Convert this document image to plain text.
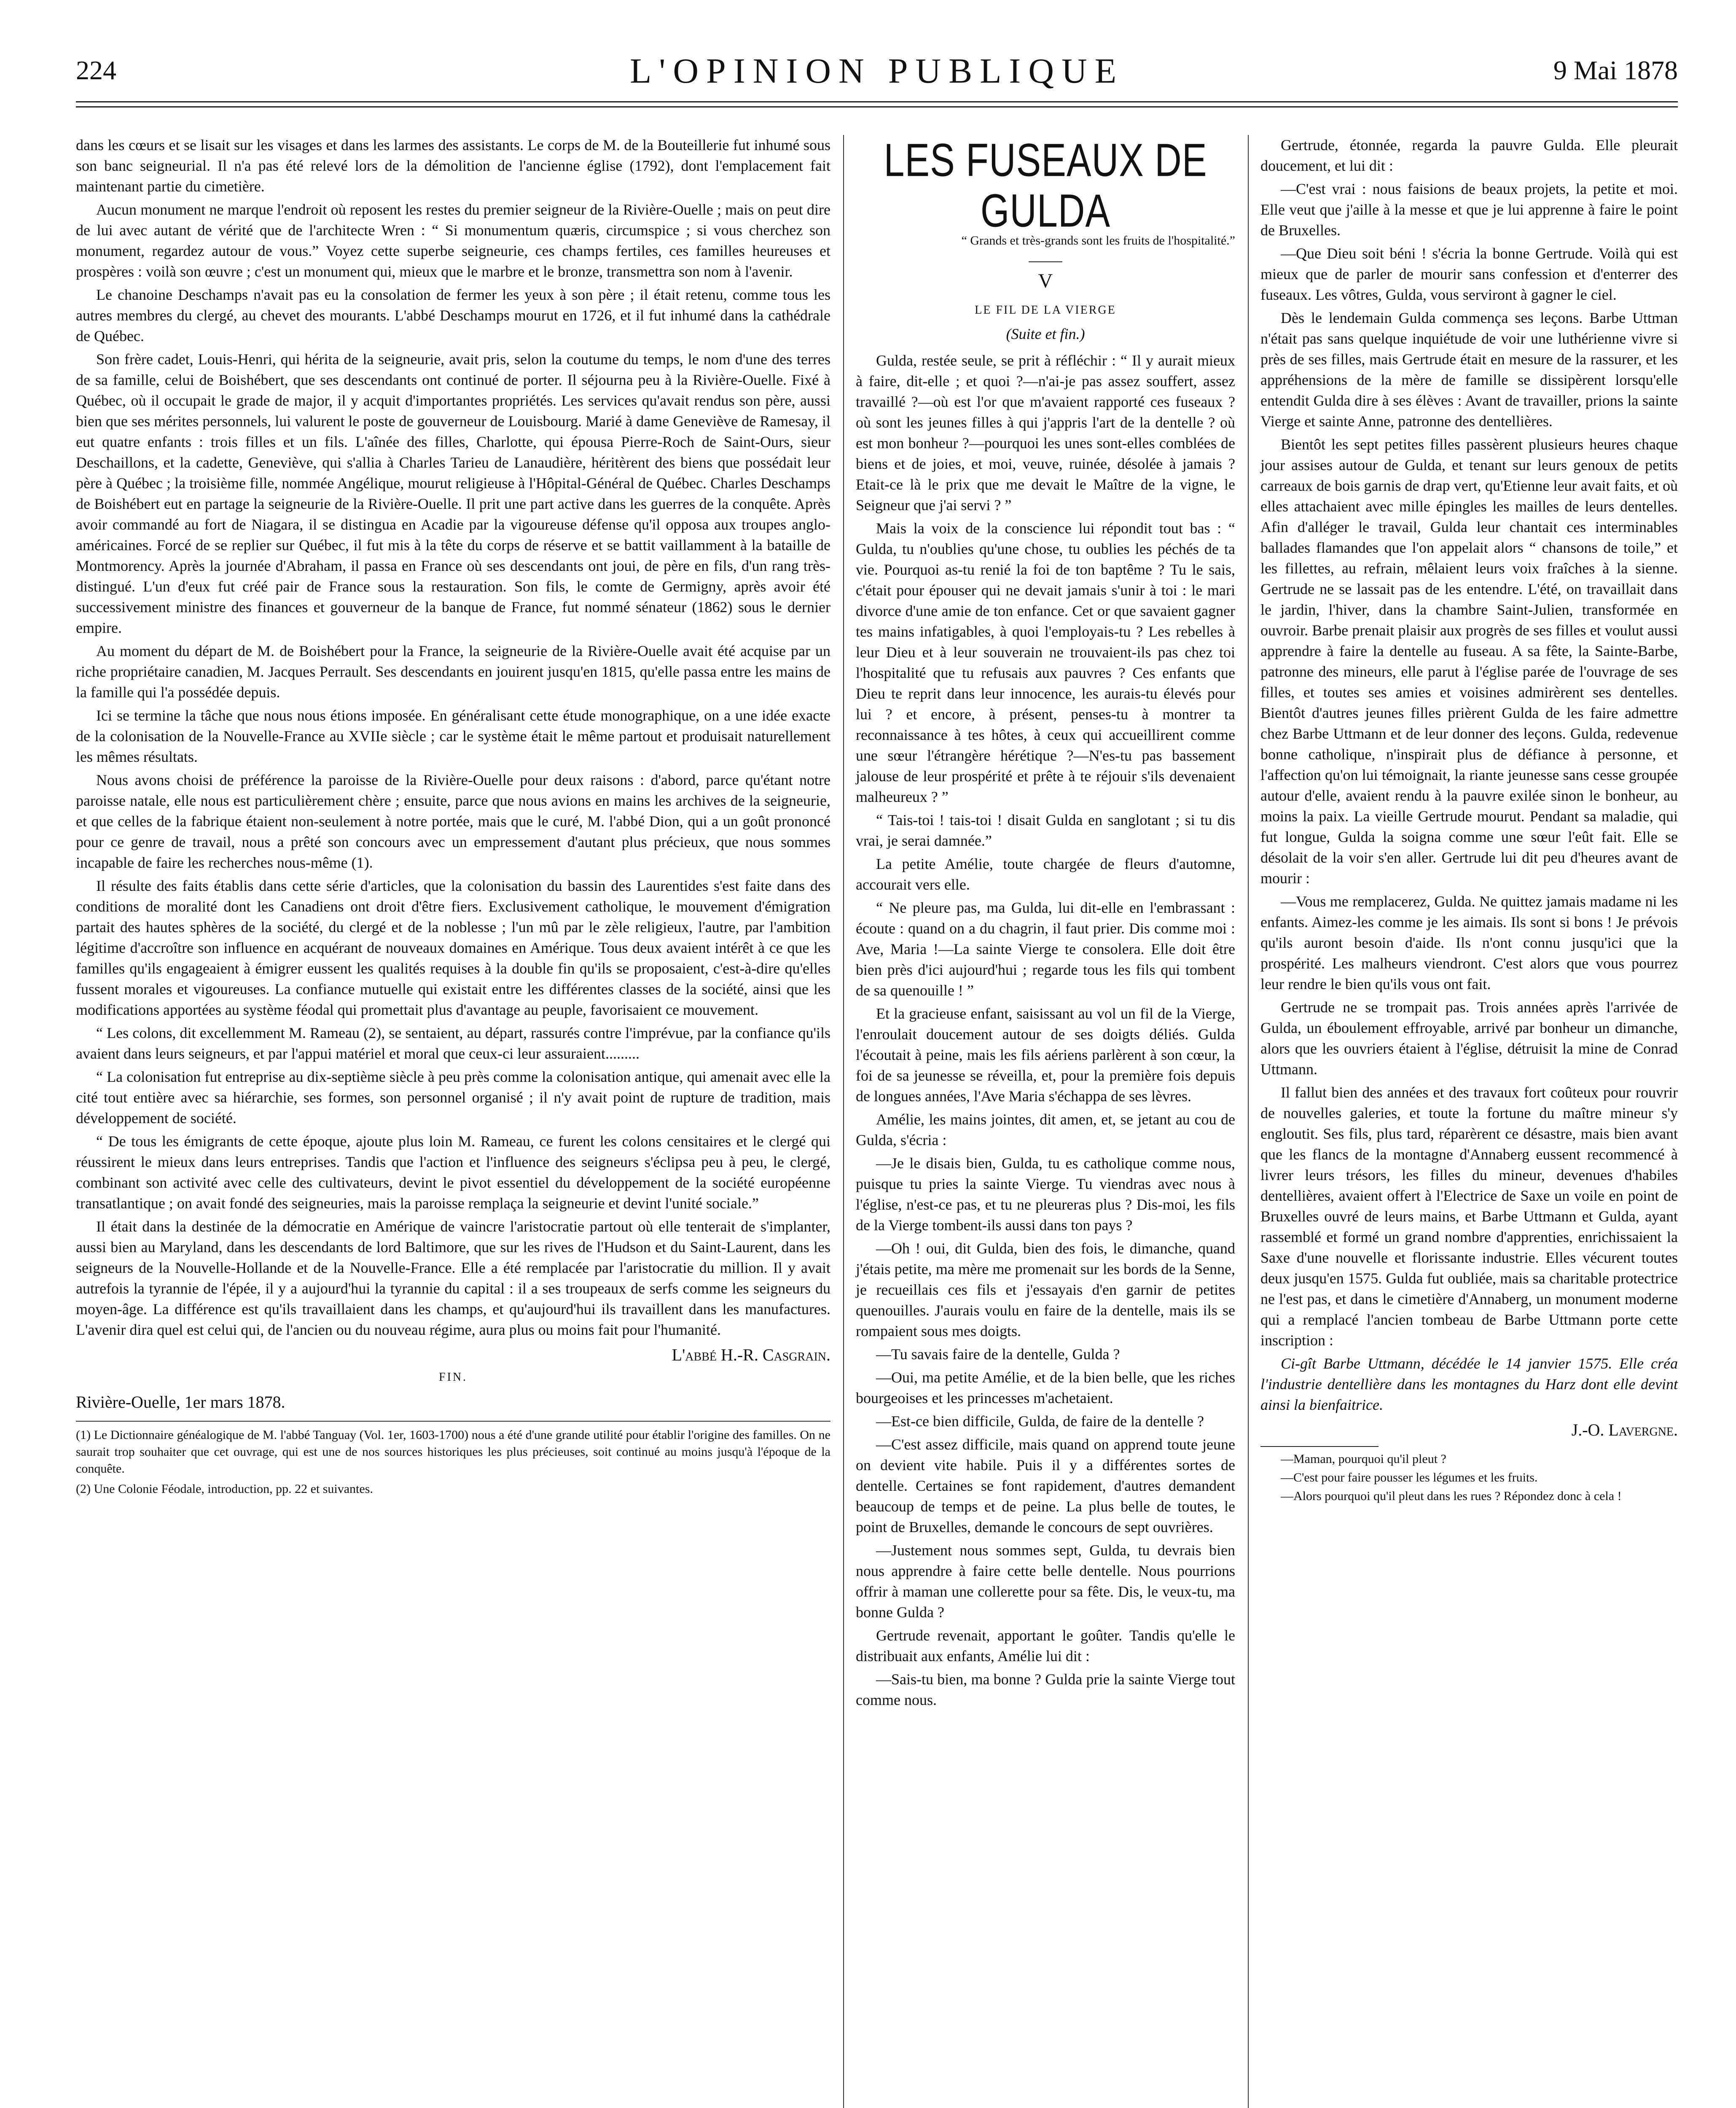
224	L'OPINION PUBLIQUE	9 Mai 1878

dans les cœurs et se lisait sur les visages et dans les larmes des assistants. Le corps de M. de la Bouteillerie fut inhumé sous son banc seigneurial. Il n'a pas été relevé lors de la démolition de l'ancienne église (1792), dont l'emplacement fait maintenant partie du cimetière.

Aucun monument ne marque l'endroit où reposent les restes du premier seigneur de la Rivière-Ouelle ; mais on peut dire de lui avec autant de vérité que de l'architecte Wren : “ Si monumentum quæris, circumspice ; si vous cherchez son monument, regardez autour de vous.” Voyez cette superbe seigneurie, ces champs fertiles, ces familles heureuses et prospères : voilà son œuvre ; c'est un monument qui, mieux que le marbre et le bronze, transmettra son nom à l'avenir.

Le chanoine Deschamps n'avait pas eu la consolation de fermer les yeux à son père ; il était retenu, comme tous les autres membres du clergé, au chevet des mourants. L'abbé Deschamps mourut en 1726, et il fut inhumé dans la cathédrale de Québec.

Son frère cadet, Louis-Henri, qui hérita de la seigneurie, avait pris, selon la coutume du temps, le nom d'une des terres de sa famille, celui de Boishébert, que ses descendants ont continué de porter. Il séjourna peu à la Rivière-Ouelle. Fixé à Québec, où il occupait le grade de major, il y acquit d'importantes propriétés. Les services qu'avait rendus son père, aussi bien que ses mérites personnels, lui valurent le poste de gouverneur de Louisbourg. Marié à dame Geneviève de Ramesay, il eut quatre enfants : trois filles et un fils. L'aînée des filles, Charlotte, qui épousa Pierre-Roch de Saint-Ours, sieur Deschaillons, et la cadette, Geneviève, qui s'allia à Charles Tarieu de Lanaudière, héritèrent des biens que possédait leur père à Québec ; la troisième fille, nommée Angélique, mourut religieuse à l'Hôpital-Général de Québec. Charles Deschamps de Boishébert eut en partage la seigneurie de la Rivière-Ouelle. Il prit une part active dans les guerres de la conquête. Après avoir commandé au fort de Niagara, il se distingua en Acadie par la vigoureuse défense qu'il opposa aux troupes anglo-américaines. Forcé de se replier sur Québec, il fut mis à la tête du corps de réserve et se battit vaillamment à la bataille de Montmorency. Après la journée d'Abraham, il passa en France où ses descendants ont joui, de père en fils, d'un rang très-distingué. L'un d'eux fut créé pair de France sous la restauration. Son fils, le comte de Germigny, après avoir été successivement ministre des finances et gouverneur de la banque de France, fut nommé sénateur (1862) sous le dernier empire.

Au moment du départ de M. de Boishébert pour la France, la seigneurie de la Rivière-Ouelle avait été acquise par un riche propriétaire canadien, M. Jacques Perrault. Ses descendants en jouirent jusqu'en 1815, qu'elle passa entre les mains de la famille qui l'a possédée depuis.

Ici se termine la tâche que nous nous étions imposée. En généralisant cette étude monographique, on a une idée exacte de la colonisation de la Nouvelle-France au XVIIe siècle ; car le système était le même partout et produisait naturellement les mêmes résultats.

Nous avons choisi de préférence la paroisse de la Rivière-Ouelle pour deux raisons : d'abord, parce qu'étant notre paroisse natale, elle nous est particulièrement chère ; ensuite, parce que nous avions en mains les archives de la seigneurie, et que celles de la fabrique étaient non-seulement à notre portée, mais que le curé, M. l'abbé Dion, qui a un goût prononcé pour ce genre de travail, nous a prêté son concours avec un empressement d'autant plus précieux, que nous sommes incapable de faire les recherches nous-même (1).

Il résulte des faits établis dans cette série d'articles, que la colonisation du bassin des Laurentides s'est faite dans des conditions de moralité dont les Canadiens ont droit d'être fiers. Exclusivement catholique, le mouvement d'émigration partait des hautes sphères de la société, du clergé et de la noblesse ; l'un mû par le zèle religieux, l'autre, par l'ambition légitime d'accroître son influence en acquérant de nouveaux domaines en Amérique. Tous deux avaient intérêt à ce que les familles qu'ils engageaient à émigrer eussent les qualités requises à la double fin qu'ils se proposaient, c'est-à-dire qu'elles fussent morales et vigoureuses. La confiance mutuelle qui existait entre les différentes classes de la société, ainsi que les modifications apportées au système féodal qui promettait plus d'avantage au peuple, favorisaient ce mouvement.

“ Les colons, dit excellemment M. Rameau (2), se sentaient, au départ, rassurés contre l'imprévue, par la confiance qu'ils avaient dans leurs seigneurs, et par l'appui matériel et moral que ceux-ci leur assuraient.........

“ La colonisation fut entreprise au dix-septième siècle à peu près comme la colonisation antique, qui amenait avec elle la cité tout entière avec sa hiérarchie, ses formes, son personnel organisé ; il n'y avait point de rupture de tradition, mais développement de société.

“ De tous les émigrants de cette époque, ajoute plus loin M. Rameau, ce furent les colons censitaires et le clergé qui réussirent le mieux dans leurs entreprises. Tandis que l'action et l'influence des seigneurs s'éclipsa peu à peu, le clergé, combinant son activité avec celle des cultivateurs, devint le pivot essentiel du développement de la société européenne transatlantique ; on avait fondé des seigneuries, mais la paroisse remplaça la seigneurie et devint l'unité sociale.”

Il était dans la destinée de la démocratie en Amérique de vaincre l'aristocratie partout où elle tenterait de s'implanter, aussi bien au Maryland, dans les descendants de lord Baltimore, que sur les rives de l'Hudson et du Saint-Laurent, dans les seigneurs de la Nouvelle-Hollande et de la Nouvelle-France. Elle a été remplacée par l'aristocratie du million. Il y avait autrefois la tyrannie de l'épée, il y a aujourd'hui la tyrannie du capital : il a ses troupeaux de serfs comme les seigneurs du moyen-âge. La différence est qu'ils travaillaient dans les champs, et qu'aujourd'hui ils travaillent dans les manufactures. L'avenir dira quel est celui qui, de l'ancien ou du nouveau régime, aura plus ou moins fait pour l'humanité.

L'abbé H.-R. Casgrain.
FIN.
Rivière-Ouelle, 1er mars 1878.

(1) Le Dictionnaire généalogique de M. l'abbé Tanguay (Vol. 1er, 1603-1700) nous a été d'une grande utilité pour établir l'origine des familles. On ne saurait trop souhaiter que cet ouvrage, qui est une de nos sources historiques les plus précieuses, soit continué au moins jusqu'à l'époque de la conquête.

(2) Une Colonie Féodale, introduction, pp. 22 et suivantes.

LES FUSEAUX DE GULDA
“ Grands et très-grands sont les fruits de l'hospitalité.”
V
LE FIL DE LA VIERGE
(Suite et fin.)

Gulda, restée seule, se prit à réfléchir : “ Il y aurait mieux à faire, dit-elle ; et quoi ?—n'ai-je pas assez souffert, assez travaillé ?—où est l'or que m'avaient rapporté ces fuseaux ? où sont les jeunes filles à qui j'appris l'art de la dentelle ? où est mon bonheur ?—pourquoi les unes sont-elles comblées de biens et de joies, et moi, veuve, ruinée, désolée à jamais ? Etait-ce là le prix que me devait le Maître de la vigne, le Seigneur que j'ai servi ? ”

Mais la voix de la conscience lui répondit tout bas : “ Gulda, tu n'oublies qu'une chose, tu oublies les péchés de ta vie. Pourquoi as-tu renié la foi de ton baptême ? Tu le sais, c'était pour épouser qui ne devait jamais s'unir à toi : le mari divorce d'une amie de ton enfance. Cet or que savaient gagner tes mains infatigables, à quoi l'employais-tu ? Les rebelles à leur Dieu et à leur souverain ne trouvaient-ils pas chez toi l'hospitalité que tu refusais aux pauvres ? Ces enfants que Dieu te reprit dans leur innocence, les aurais-tu élevés pour lui ? et encore, à présent, penses-tu à montrer ta reconnaissance à tes hôtes, à ceux qui accueillirent comme une sœur l'étrangère hérétique ?—N'es-tu pas bassement jalouse de leur prospérité et prête à te réjouir s'ils devenaient malheureux ? ”

“ Tais-toi ! tais-toi ! disait Gulda en sanglotant ; si tu dis vrai, je serai damnée.”

La petite Amélie, toute chargée de fleurs d'automne, accourait vers elle.

“ Ne pleure pas, ma Gulda, lui dit-elle en l'embrassant : écoute : quand on a du chagrin, il faut prier. Dis comme moi : Ave, Maria !—La sainte Vierge te consolera. Elle doit être bien près d'ici aujourd'hui ; regarde tous les fils qui tombent de sa quenouille ! ”

Et la gracieuse enfant, saisissant au vol un fil de la Vierge, l'enroulait doucement autour de ses doigts déliés. Gulda l'écoutait à peine, mais les fils aériens parlèrent à son cœur, la foi de sa jeunesse se réveilla, et, pour la première fois depuis de longues années, l'Ave Maria s'échappa de ses lèvres.

Amélie, les mains jointes, dit amen, et, se jetant au cou de Gulda, s'écria :

—Je le disais bien, Gulda, tu es catholique comme nous, puisque tu pries la sainte Vierge. Tu viendras avec nous à l'église, n'est-ce pas, et tu ne pleureras plus ? Dis-moi, les fils de la Vierge tombent-ils aussi dans ton pays ?

—Oh ! oui, dit Gulda, bien des fois, le dimanche, quand j'étais petite, ma mère me promenait sur les bords de la Senne, je recueillais ces fils et j'essayais d'en garnir de petites quenouilles. J'aurais voulu en faire de la dentelle, mais ils se rompaient sous mes doigts.

—Tu savais faire de la dentelle, Gulda ?

—Oui, ma petite Amélie, et de la bien belle, que les riches bourgeoises et les princesses m'achetaient.

—Est-ce bien difficile, Gulda, de faire de la dentelle ?

—C'est assez difficile, mais quand on apprend toute jeune on devient vite habile. Puis il y a différentes sortes de dentelle. Certaines se font rapidement, d'autres demandent beaucoup de temps et de peine. La plus belle de toutes, le point de Bruxelles, demande le concours de sept ouvrières.

—Justement nous sommes sept, Gulda, tu devrais bien nous apprendre à faire cette belle dentelle. Nous pourrions offrir à maman une collerette pour sa fête. Dis, le veux-tu, ma bonne Gulda ?

Gertrude revenait, apportant le goûter. Tandis qu'elle le distribuait aux enfants, Amélie lui dit :

—Sais-tu bien, ma bonne ? Gulda prie la sainte Vierge tout comme nous.

Gertrude, étonnée, regarda la pauvre Gulda. Elle pleurait doucement, et lui dit :

—C'est vrai : nous faisions de beaux projets, la petite et moi. Elle veut que j'aille à la messe et que je lui apprenne à faire le point de Bruxelles.

—Que Dieu soit béni ! s'écria la bonne Gertrude. Voilà qui est mieux que de parler de mourir sans confession et d'enterrer des fuseaux. Les vôtres, Gulda, vous serviront à gagner le ciel.

Dès le lendemain Gulda commença ses leçons. Barbe Uttman n'était pas sans quelque inquiétude de voir une luthérienne vivre si près de ses filles, mais Gertrude était en mesure de la rassurer, et les appréhensions de la mère de famille se dissipèrent lorsqu'elle entendit Gulda dire à ses élèves : Avant de travailler, prions la sainte Vierge et sainte Anne, patronne des dentellières.

Bientôt les sept petites filles passèrent plusieurs heures chaque jour assises autour de Gulda, et tenant sur leurs genoux de petits carreaux de bois garnis de drap vert, qu'Etienne leur avait faits, et où elles attachaient avec mille épingles les mailles de leurs dentelles. Afin d'alléger le travail, Gulda leur chantait ces interminables ballades flamandes que l'on appelait alors “ chansons de toile,” et les fillettes, au refrain, mêlaient leurs voix fraîches à la sienne. Gertrude ne se lassait pas de les entendre. L'été, on travaillait dans le jardin, l'hiver, dans la chambre Saint-Julien, transformée en ouvroir. Barbe prenait plaisir aux progrès de ses filles et voulut aussi apprendre à faire la dentelle au fuseau. A sa fête, la Sainte-Barbe, patronne des mineurs, elle parut à l'église parée de l'ouvrage de ses filles, et toutes ses amies et voisines admirèrent ses dentelles. Bientôt d'autres jeunes filles prièrent Gulda de les faire admettre chez Barbe Uttmann et de leur donner des leçons. Gulda, redevenue bonne catholique, n'inspirait plus de défiance à personne, et l'affection qu'on lui témoignait, la riante jeunesse sans cesse groupée autour d'elle, avaient rendu à la pauvre exilée sinon le bonheur, au moins la paix. La vieille Gertrude mourut. Pendant sa maladie, qui fut longue, Gulda la soigna comme une sœur l'eût fait. Elle se désolait de la voir s'en aller. Gertrude lui dit peu d'heures avant de mourir :

—Vous me remplacerez, Gulda. Ne quittez jamais madame ni les enfants. Aimez-les comme je les aimais. Ils sont si bons ! Je prévois qu'ils auront besoin d'aide. Ils n'ont connu jusqu'ici que la prospérité. Les malheurs viendront. C'est alors que vous pourrez leur rendre le bien qu'ils vous ont fait.

Gertrude ne se trompait pas. Trois années après l'arrivée de Gulda, un éboulement effroyable, arrivé par bonheur un dimanche, alors que les ouvriers étaient à l'église, détruisit la mine de Conrad Uttmann.

Il fallut bien des années et des travaux fort coûteux pour rouvrir de nouvelles galeries, et toute la fortune du maître mineur s'y engloutit. Ses fils, plus tard, réparèrent ce désastre, mais bien avant que les flancs de la montagne d'Annaberg eussent recommencé à livrer leurs trésors, les filles du mineur, devenues d'habiles dentellières, avaient offert à l'Electrice de Saxe un voile en point de Bruxelles ouvré de leurs mains, et Barbe Uttmann et Gulda, ayant rassemblé et formé un grand nombre d'apprenties, enrichissaient la Saxe d'une nouvelle et florissante industrie. Elles vécurent toutes deux jusqu'en 1575. Gulda fut oubliée, mais sa charitable protectrice ne l'est pas, et dans le cimetière d'Annaberg, un monument moderne qui a remplacé l'ancien tombeau de Barbe Uttmann porte cette inscription :

Ci-gît Barbe Uttmann, décédée le 14 janvier 1575. Elle créa l'industrie dentellière dans les montagnes du Harz dont elle devint ainsi la bienfaitrice.

J.-O. Lavergne.

—Maman, pourquoi qu'il pleut ?

—C'est pour faire pousser les légumes et les fruits.

—Alors pourquoi qu'il pleut dans les rues ? Répondez donc à cela !
